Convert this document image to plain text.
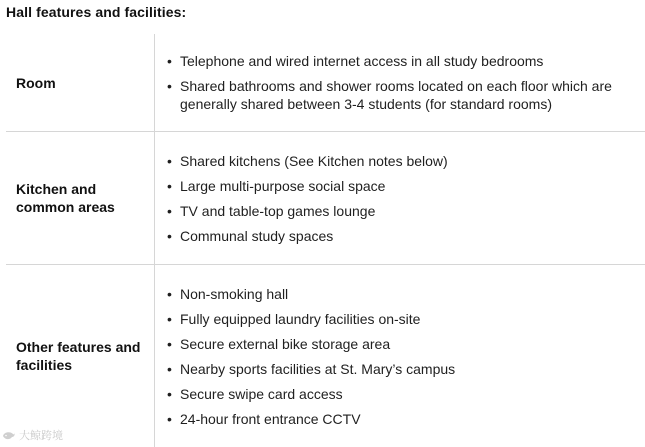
Hall features and facilities:
Room
• Telephone and wired internet access in all study bedrooms
• Shared bathrooms and shower rooms located on each floor which are generally shared between 3-4 students (for standard rooms)
Kitchen and common areas
• Shared kitchens (See Kitchen notes below)
• Large multi-purpose social space
• TV and table-top games lounge
• Communal study spaces
Other features and facilities
• Non-smoking hall
• Fully equipped laundry facilities on-site
• Secure external bike storage area
• Nearby sports facilities at St. Mary’s campus
• Secure swipe card access
• 24-hour front entrance CCTV
大鲸跨境
